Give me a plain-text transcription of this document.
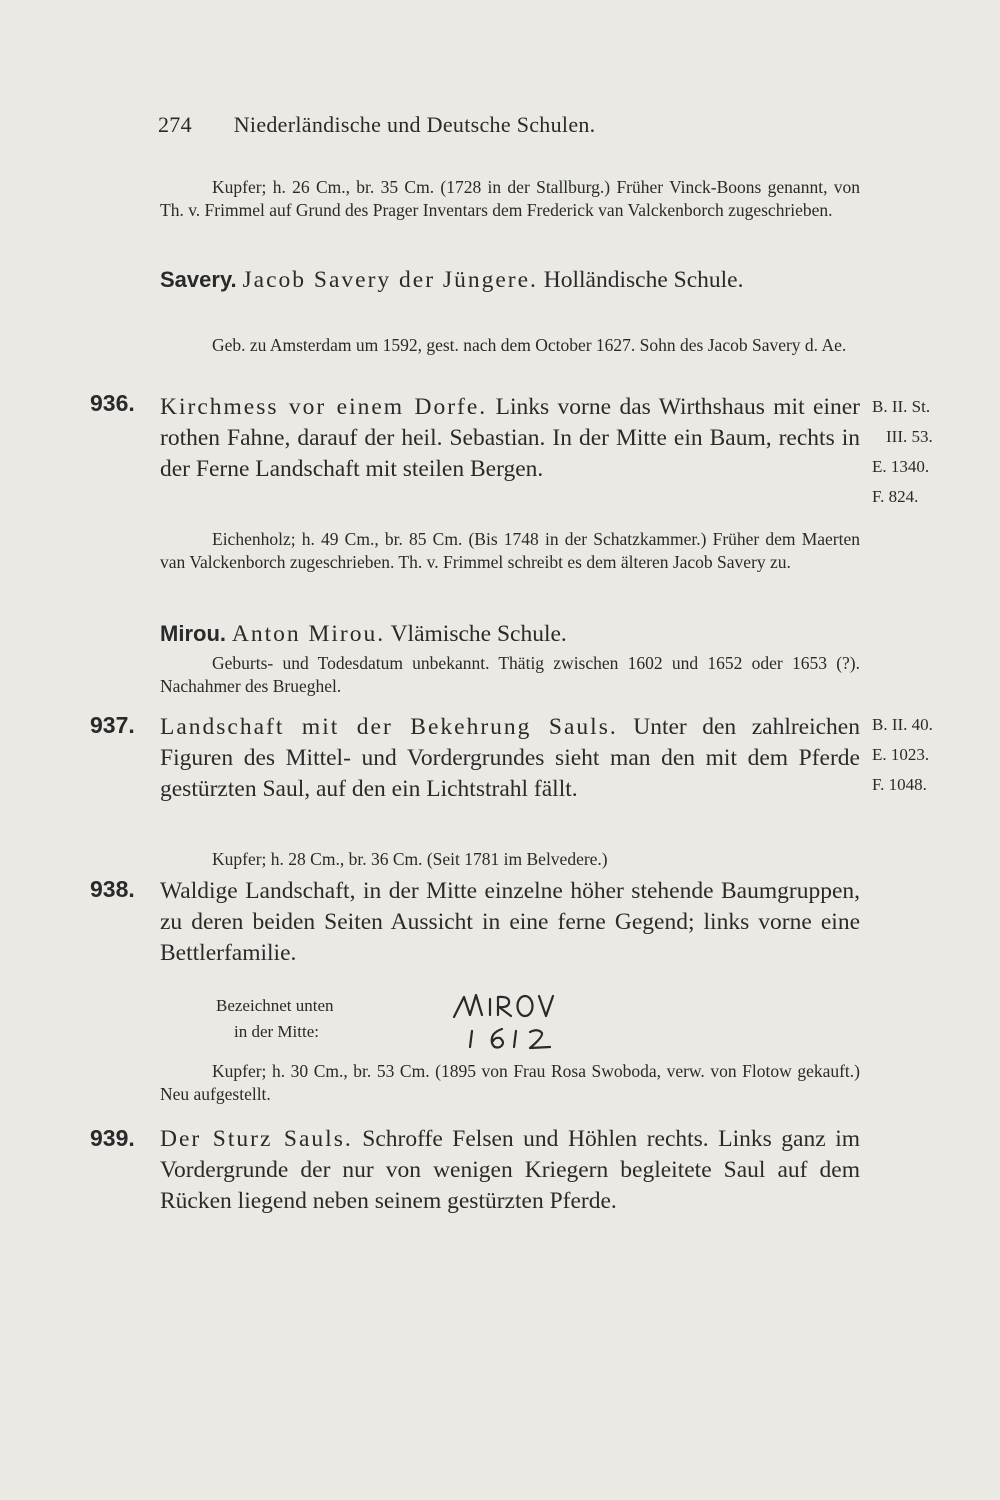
274 Niederländische und Deutsche Schulen.
Kupfer; h. 26 Cm., br. 35 Cm. (1728 in der Stallburg.) Früher Vinck-Boons genannt, von Th. v. Frimmel auf Grund des Prager Inventars dem Frederick van Valckenborch zugeschrieben.
Savery. Jacob Savery der Jüngere. Holländische Schule.
Geb. zu Amsterdam um 1592, gest. nach dem October 1627. Sohn des Jacob Savery d. Ae.
936. Kirchmess vor einem Dorfe. Links vorne das Wirthshaus mit einer rothen Fahne, darauf der heil. Sebastian. In der Mitte ein Baum, rechts in der Ferne Landschaft mit steilen Bergen.
B. II. St.
III. 53.
E. 1340.
F. 824.
Eichenholz; h. 49 Cm., br. 85 Cm. (Bis 1748 in der Schatzkammer.) Früher dem Maerten van Valckenborch zugeschrieben. Th. v. Frimmel schreibt es dem älteren Jacob Savery zu.
Mirou. Anton Mirou. Vlämische Schule.
Geburts- und Todesdatum unbekannt. Thätig zwischen 1602 und 1652 oder 1653 (?). Nachahmer des Brueghel.
937. Landschaft mit der Bekehrung Sauls. Unter den zahlreichen Figuren des Mittel- und Vordergrundes sieht man den mit dem Pferde gestürzten Saul, auf den ein Lichtstrahl fällt.
B. II. 40.
E. 1023.
F. 1048.
Kupfer; h. 28 Cm., br. 36 Cm. (Seit 1781 im Belvedere.)
938. Waldige Landschaft, in der Mitte einzelne höher stehende Baumgruppen, zu deren beiden Seiten Aussicht in eine ferne Gegend; links vorne eine Bettlerfamilie.
Bezeichnet unten
in der Mitte:
Kupfer; h. 30 Cm., br. 53 Cm. (1895 von Frau Rosa Swoboda, verw. von Flotow gekauft.) Neu aufgestellt.
939. Der Sturz Sauls. Schroffe Felsen und Höhlen rechts. Links ganz im Vordergrunde der nur von wenigen Kriegern begleitete Saul auf dem Rücken liegend neben seinem gestürzten Pferde.
